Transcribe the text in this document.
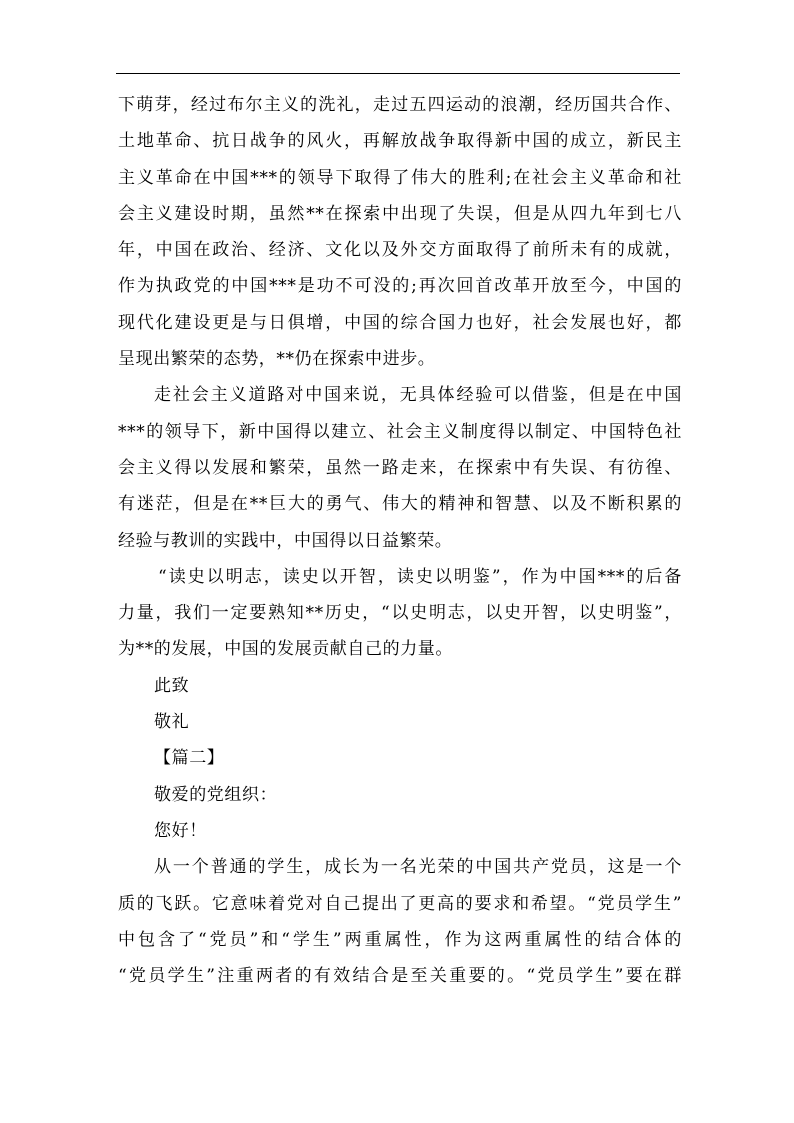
下萌芽，经过布尔主义的洗礼，走过五四运动的浪潮，经历国共合作、
土地革命、抗日战争的风火，再解放战争取得新中国的成立，新民主
主义革命在中国***的领导下取得了伟大的胜利;在社会主义革命和社
会主义建设时期，虽然**在探索中出现了失误，但是从四九年到七八
年，中国在政治、经济、文化以及外交方面取得了前所未有的成就，
作为执政党的中国***是功不可没的;再次回首改革开放至今，中国的
现代化建设更是与日俱增，中国的综合国力也好，社会发展也好，都
呈现出繁荣的态势，**仍在探索中进步。
走社会主义道路对中国来说，无具体经验可以借鉴，但是在中国
***的领导下，新中国得以建立、社会主义制度得以制定、中国特色社
会主义得以发展和繁荣，虽然一路走来，在探索中有失误、有彷徨、
有迷茫，但是在**巨大的勇气、伟大的精神和智慧、以及不断积累的
经验与教训的实践中，中国得以日益繁荣。
“读史以明志，读史以开智，读史以明鉴”，作为中国***的后备
力量，我们一定要熟知**历史，“以史明志，以史开智，以史明鉴”，
为**的发展，中国的发展贡献自己的力量。
此致
敬礼
【篇二】
敬爱的党组织：
您好！
从一个普通的学生，成长为一名光荣的中国共产党员，这是一个
质的飞跃。它意味着党对自己提出了更高的要求和希望。“党员学生”
中包含了“党员”和“学生”两重属性，作为这两重属性的结合体的
“党员学生”注重两者的有效结合是至关重要的。“党员学生”要在群
